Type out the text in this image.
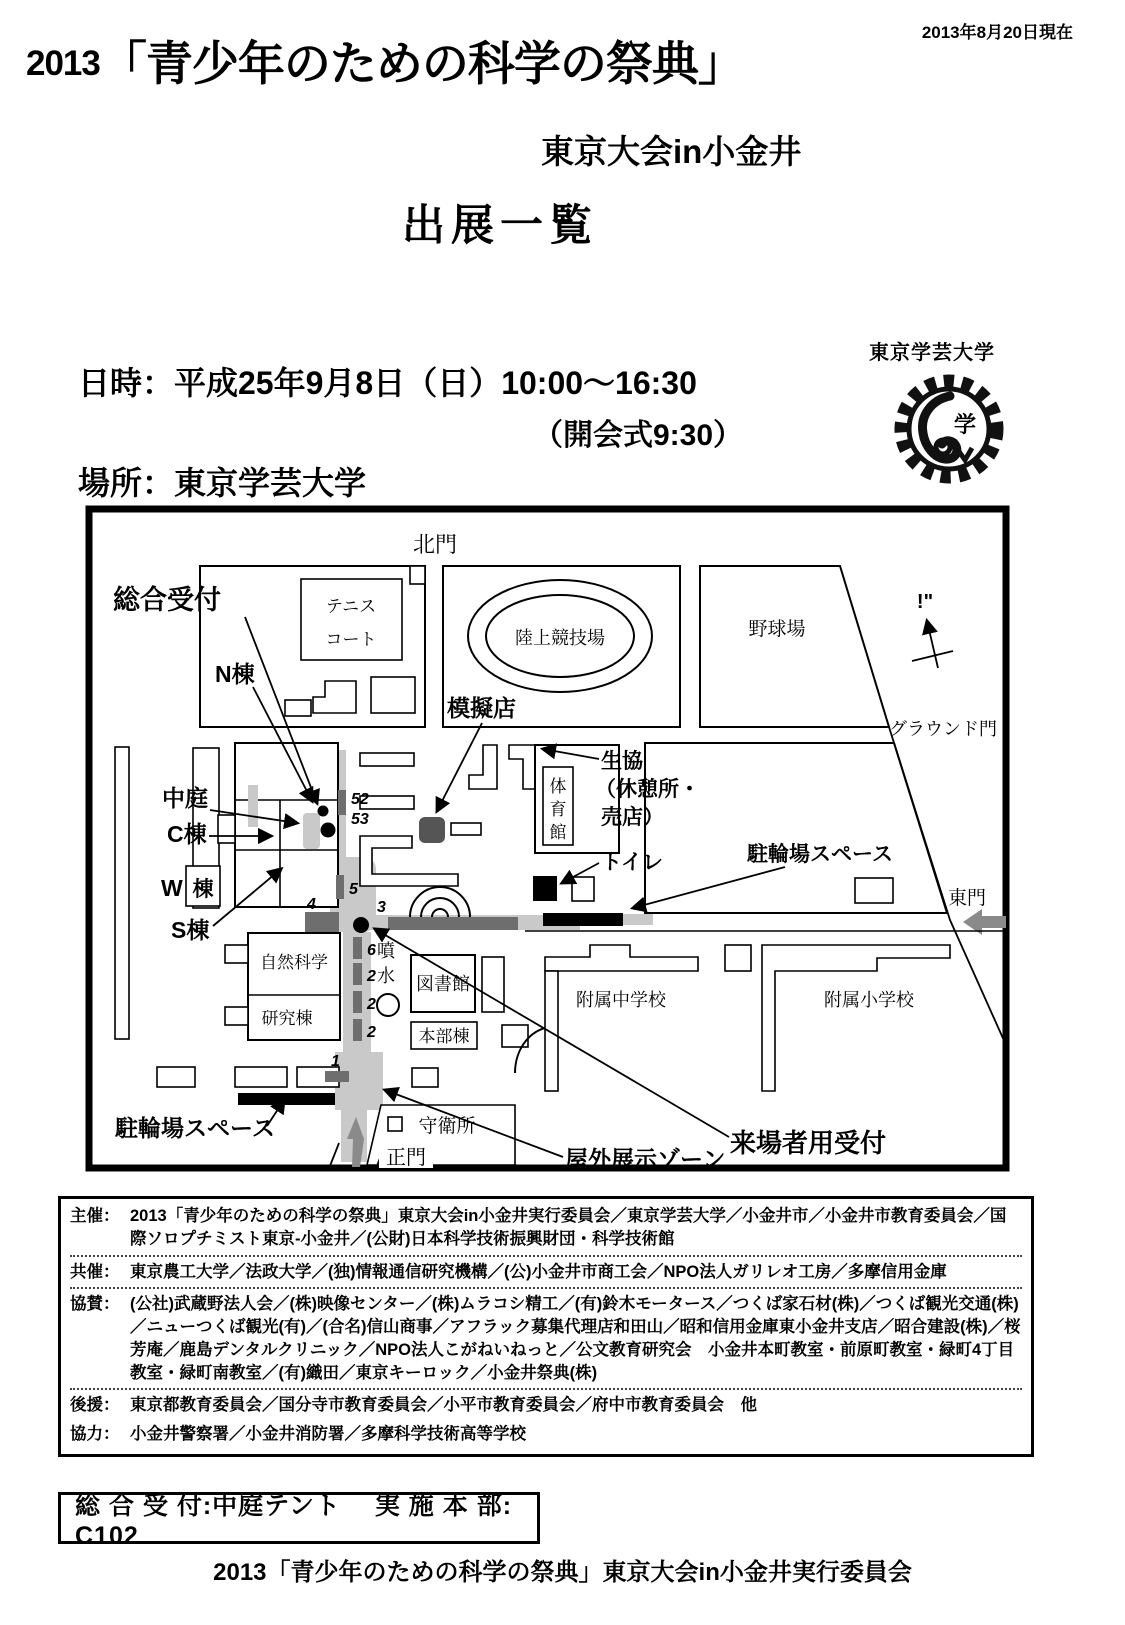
2013年8月20日現在
2013 「青少年のための科学の祭典」
東京大会in小金井
出展一覧
日時：平成25年9月8日（日）10:00～16:30
（開会式9:30）
場所：東京学芸大学
東京学芸大学
学
テニス
コート	陸上競技場	野球場
北門
!"
グラウンド門
東門
体
育
館
自然科学
研究棟
噴
水 図書館
本部棟
附属中学校	附属小学校
守衛所
正門
52
53
5
4	3
6
2
2
2
1
総合受付
N棟
模擬店
生協
（休憩所・
売店）
中庭
C棟
W 棟
S棟
トイレ	駐輪場スペース
駐輪場スペース
屋外展示ゾーン
来場者用受付
主催： 2013「青少年のための科学の祭典」東京大会in小金井実行委員会／東京学芸大学／小金井市／小金井市教育委員会／国際ソロプチミスト東京-小金井／(公財)日本科学技術振興財団・科学技術館
共催： 東京農工大学／法政大学／(独)情報通信研究機構／(公)小金井市商工会／NPO法人ガリレオ工房／多摩信用金庫
協賛： (公社)武蔵野法人会／(株)映像センター／(株)ムラコシ精工／(有)鈴木モータース／つくば家石材(株)／つくば観光交通(株)／ニューつくば観光(有)／(合名)信山商事／アフラック募集代理店和田山／昭和信用金庫東小金井支店／昭合建設(株)／桜芳庵／鹿島デンタルクリニック／NPO法人こがねいねっと／公文教育研究会　小金井本町教室・前原町教室・緑町4丁目教室・緑町南教室／(有)織田／東京キーロック／小金井祭典(株)
後援： 東京都教育委員会／国分寺市教育委員会／小平市教育委員会／府中市教育委員会　他
協力： 小金井警察署／小金井消防署／多摩科学技術高等学校
総 合 受 付:中庭テント　 実 施 本 部: C102
2013「青少年のための科学の祭典」東京大会in小金井実行委員会
